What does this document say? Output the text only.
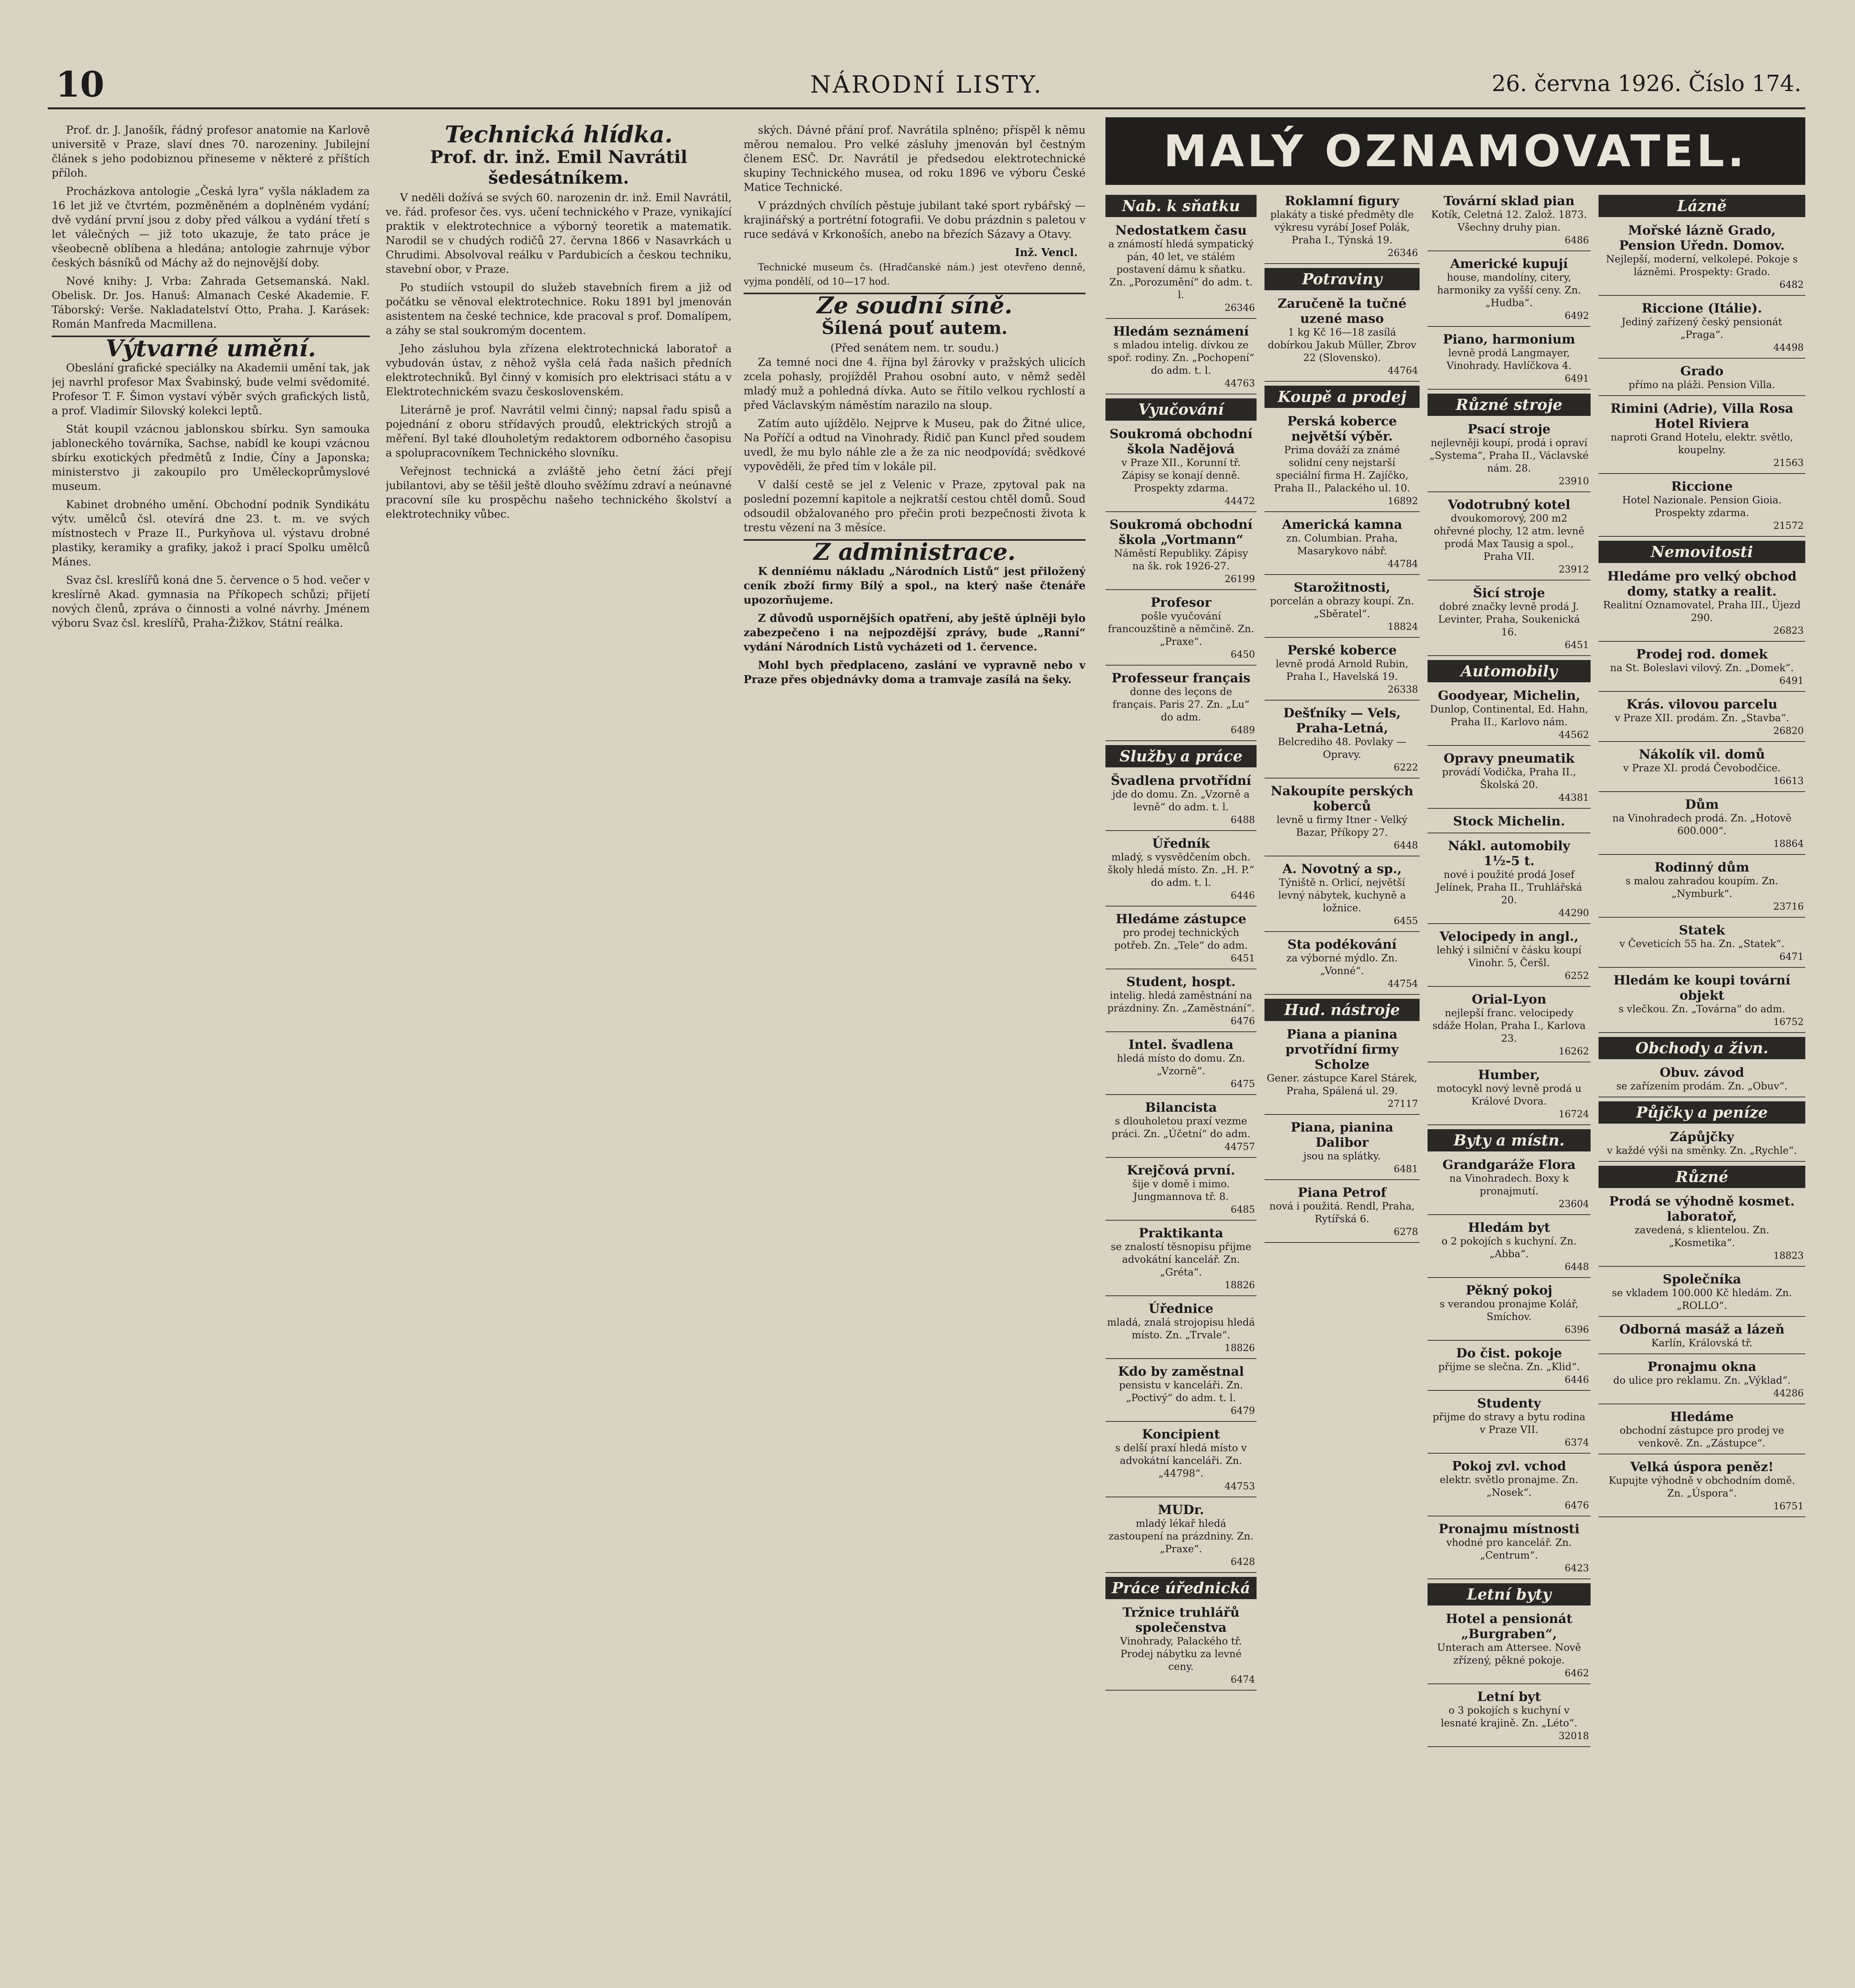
10	NÁRODNÍ LISTY.	26. června 1926. Číslo 174.

Prof. dr. J. Janošík, řádný profesor anatomie na Karlově universitě v Praze, slaví dnes 70. narozeniny. Jubilejní článek s jeho podobiznou přineseme v některé z příštích příloh.

Procházkova antologie „Česká lyra“ vyšla nákladem za 16 let již ve čtvrtém, pozměněném a doplněném vydání; dvě vydání první jsou z doby před válkou a vydání třetí s let válečných — již toto ukazuje, že tato práce je všeobecně oblíbena a hledána; antologie zahrnuje výbor českých básníků od Máchy až do nejnovější doby.

Nové knihy: J. Vrba: Zahrada Getsemanská. Nakl. Obelisk. Dr. Jos. Hanuš: Almanach Ceské Akademie. F. Táborský: Verše. Nakladatelství Otto, Praha. J. Karásek: Román Manfreda Macmillena.

Výtvarné umění.

Obeslání grafické speciálky na Akademii umění tak, jak jej navrhl profesor Max Švabinský, bude velmi svědomité. Profesor T. F. Šimon vystaví výběr svých grafických listů, a prof. Vladimír Silovský kolekci leptů.

Stát koupil vzácnou jablonskou sbírku. Syn samouka jabloneckého továrníka, Sachse, nabídl ke koupi vzácnou sbírku exotických předmětů z Indie, Číny a Japonska; ministerstvo ji zakoupilo pro Uměleckoprůmyslové museum.

Kabinet drobného umění. Obchodní podnik Syndikátu výtv. umělců čsl. otevírá dne 23. t. m. ve svých místnostech v Praze II., Purkyňova ul. výstavu drobné plastiky, keramiky a grafiky, jakož i prací Spolku umělců Mánes.

Svaz čsl. kreslířů koná dne 5. července o 5 hod. večer v kreslírně Akad. gymnasia na Příkopech schůzi; přijetí nových členů, zpráva o činnosti a volné návrhy. Jménem výboru Svaz čsl. kreslířů, Praha-Žižkov, Státní reálka.

Technická hlídka.
Prof. dr. inž. Emil Navrátil šedesátníkem.

V neděli dožívá se svých 60. narozenin dr. inž. Emil Navrátil, ve. řád. profesor čes. vys. učení technického v Praze, vynikající praktik v elektrotechnice a výborný teoretik a matematik. Narodil se v chudých rodičů 27. června 1866 v Nasavrkách u Chrudimi. Absolvoval reálku v Pardubicích a českou techniku, stavební obor, v Praze.

Po studiích vstoupil do služeb stavebních firem a již od počátku se věnoval elektrotechnice. Roku 1891 byl jmenován asistentem na české technice, kde pracoval s prof. Domalípem, a záhy se stal soukromým docentem.

Jeho zásluhou byla zřízena elektrotechnická laboratoř a vybudován ústav, z něhož vyšla celá řada našich předních elektrotechniků. Byl činný v komisích pro elektrisaci státu a v Elektrotechnickém svazu československém.

Literárně je prof. Navrátil velmi činný; napsal řadu spisů a pojednání z oboru střídavých proudů, elektrických strojů a měření. Byl také dlouholetým redaktorem odborného časopisu a spolupracovníkem Technického slovníku.

Veřejnost technická a zvláště jeho četní žáci přejí jubilantovi, aby se těšil ještě dlouho svěžímu zdraví a neúnavné pracovní síle ku prospěchu našeho technického školství a elektrotechniky vůbec.

ských. Dávné přání prof. Navrátila splněno; příspěl k němu měrou nemalou. Pro velké zásluhy jmenován byl čestným členem ESČ. Dr. Navrátil je předsedou elektrotechnické skupiny Technického musea, od roku 1896 ve výboru České Matice Technické.

V prázdných chvílích pěstuje jubilant také sport rybářský — krajinářský a portrétní fotografii. Ve dobu prázdnin s paletou v ruce sedává v Krkonoších, anebo na březích Sázavy a Otavy.

Inž. Vencl.

Technické museum čs. (Hradčanské nám.) jest otevřeno denně, vyjma pondělí, od 10—17 hod.

Ze soudní síně.
Šílená pouť autem.
(Před senátem nem. tr. soudu.)

Za temné noci dne 4. října byl žárovky v pražských ulicích zcela pohasly, projížděl Prahou osobní auto, v němž seděl mladý muž a pohledná dívka. Auto se řítilo velkou rychlostí a před Václavským náměstím narazilo na sloup.

Zatím auto ujíždělo. Nejprve k Museu, pak do Žitné ulice, Na Poříčí a odtud na Vinohrady. Řidič pan Kuncl před soudem uvedl, že mu bylo náhle zle a že za nic neodpovídá; svědkové vypověděli, že před tím v lokále pil.

V další cestě se jel z Velenic v Praze, zpytoval pak na poslední pozemní kapitole a nejkratší cestou chtěl domů. Soud odsoudil obžalovaného pro přečin proti bezpečnosti života k trestu vězení na 3 měsíce.

Z administrace.

K denníému nákladu „Národních Listů“ jest přiložený ceník zboží firmy Bílý a spol., na který naše čtenáře upozorňujeme.

Z důvodů uspornějších opatření, aby ještě úplněji bylo zabezpečeno i na nejpozdější zprávy, bude „Ranní“ vydání Národních Listů vycházeti od 1. července.

Mohl bych předplaceno, zaslání ve vypravně nebo v Praze přes objednávky doma a tramvaje zasílá na šeky.

MALÝ OZNAMOVATEL.
Nab. k sňatku
Nedostatkem času
a známostí hledá sympatický pán, 40 let, ve stálém postavení dámu k sňatku. Zn. „Porozumění“ do adm. t. l.
26346
Hledám seznámení
s mladou intelig. dívkou ze spoř. rodiny. Zn. „Pochopení“ do adm. t. l.
44763
Vyučování
Soukromá obchodní škola Nadějová
v Praze XII., Korunní tř. Zápisy se konají denně. Prospekty zdarma.
44472
Soukromá obchodní škola „Vortmann“
Náměstí Republiky. Zápisy na šk. rok 1926-27.
26199
Profesor
pošle vyučování francouzštině a němčině. Zn. „Praxe“.
6450
Professeur français
donne des leçons de français. Paris 27. Zn. „Lu“ do adm.
6489
Služby a práce
Švadlena prvotřídní
jde do domu. Zn. „Vzorně a levně“ do adm. t. l.
6488
Úředník
mladý, s vysvědčením obch. školy hledá místo. Zn. „H. P.“ do adm. t. l.
6446
Hledáme zástupce
pro prodej technických potřeb. Zn. „Tele“ do adm.
6451
Student, hospt.
intelig. hledá zaměstnání na prázdniny. Zn. „Zaměstnání“.
6476
Intel. švadlena
hledá místo do domu. Zn. „Vzorně“.
6475
Bilancista
s dlouholetou praxí vezme práci. Zn. „Účetní“ do adm.
44757
Krejčová první.
šije v domě i mimo. Jungmannova tř. 8.
6485
Praktikanta
se znalostí těsnopisu přijme advokátní kancelář. Zn. „Gréta“.
18826
Úřednice
mladá, znalá strojopisu hledá místo. Zn. „Trvale“.
18826
Kdo by zaměstnal
pensistu v kanceláři. Zn. „Poctivý“ do adm. t. l.
6479
Koncipient
s delší praxí hledá místo v advokátní kanceláři. Zn. „44798“.
44753
MUDr.
mladý lékař hledá zastoupení na prázdniny. Zn. „Praxe“.
6428
Práce úřednická
Tržnice truhlářů společenstva
Vinohrady, Palackého tř. Prodej nábytku za levné ceny.
6474
Roklamní figury
plakáty a tiské předměty dle výkresu vyrábí Josef Polák, Praha I., Týnská 19.
26346
Potraviny
Zaručeně la tučné uzené maso
1 kg Kč 16—18 zasílá dobírkou Jakub Müller, Zbrov 22 (Slovensko).
44764
Koupě a prodej
Perská koberce největší výběr.
Prima dováží za známé solidní ceny nejstarší speciální firma H. Zajíčko, Praha II., Palackého ul. 10.
16892
Americká kamna
zn. Columbian. Praha, Masarykovo nábř.
44784
Starožitnosti,
porcelán a obrazy koupí. Zn. „Sběratel“.
18824
Perské koberce
levně prodá Arnold Rubin, Praha I., Havelská 19.
26338
Dešťníky — Vels, Praha-Letná,
Belcrediho 48. Povlaky — Opravy.
6222
Nakoupíte perských koberců
levně u firmy Itner - Velký Bazar, Příkopy 27.
6448
A. Novotný a sp.,
Týniště n. Orlicí, největší levný nábytek, kuchyně a ložnice.
6455
Sta podékování
za výborné mýdlo. Zn. „Vonné“.
44754
Hud. nástroje
Piana a pianina prvotřídní firmy Scholze
Gener. zástupce Karel Stárek, Praha, Spálená ul. 29.
27117
Piana, pianina Dalibor
jsou na splátky.
6481
Piana Petrof
nová i použitá. Rendl, Praha, Rytířská 6.
6278
Tovární sklad pian
Kotík, Celetná 12. Založ. 1873. Všechny druhy pian.
6486
Americké kupují
house, mandolíny, citery, harmoniky za vyšší ceny. Zn. „Hudba“.
6492
Piano, harmonium
levně prodá Langmayer, Vinohrady. Havlíčkova 4.
6491
Různé stroje
Psací stroje
nejlevněji koupí, prodá i opraví „Systema“, Praha II., Václavské nám. 28.
23910
Vodotrubný kotel
dvoukomorový, 200 m2 ohřevné plochy, 12 atm. levně prodá Max Tausig a spol., Praha VII.
23912
Šicí stroje
dobré značky levně prodá J. Levinter, Praha, Soukenická 16.
6451
Automobily
Goodyear, Michelin,
Dunlop, Continental, Ed. Hahn, Praha II., Karlovo nám.
44562
Opravy pneumatik
provádí Vodička, Praha II., Školská 20.
44381
Stock Michelin.
Nákl. automobily 1½-5 t.
nové i použité prodá Josef Jelínek, Praha II., Truhlářská 20.
44290
Velocipedy in angl.,
lehký i silniční v čásku koupí Vinohr. 5, Čeršl.
6252
Orial-Lyon
nejlepší franc. velocipedy sdáže Holan, Praha I., Karlova 23.
16262
Humber,
motocykl nový levně prodá u Králové Dvora.
16724
Byty a místn.
Grandgaráže Flora
na Vinohradech. Boxy k pronajmutí.
23604
Hledám byt
o 2 pokojích s kuchyní. Zn. „Abba“.
6448
Pěkný pokoj
s verandou pronajme Kolář, Smíchov.
6396
Do čist. pokoje
přijme se slečna. Zn. „Klid“.
6446
Studenty
přijme do stravy a bytu rodina v Praze VII.
6374
Pokoj zvl. vchod
elektr. světlo pronajme. Zn. „Nosek“.
6476
Pronajmu místnosti
vhodné pro kancelář. Zn. „Centrum“.
6423
Letní byty
Hotel a pensionát „Burgraben“,
Unterach am Attersee. Nově zřízený, pěkné pokoje.
6462
Letní byt
o 3 pokojích s kuchyní v lesnaté krajině. Zn. „Léto“.
32018
Lázně
Mořské lázně Grado, Pension Uředn. Domov.
Nejlepší, moderní, velkolepé. Pokoje s lázněmi. Prospekty: Grado.
6482
Riccione (Itálie).
Jediný zařízený český pensionát „Praga“.
44498
Grado
přímo na pláži. Pension Villa.
Rimini (Adrie), Villa Rosa Hotel Riviera
naproti Grand Hotelu, elektr. světlo, koupelny.
21563
Riccione
Hotel Nazionale. Pension Gioia. Prospekty zdarma.
21572
Nemovitosti
Hledáme pro velký obchod domy, statky a realit.
Realitní Oznamovatel, Praha III., Újezd 290.
26823
Prodej rod. domek
na St. Boleslavi vilový. Zn. „Domek“.
6491
Krás. vilovou parcelu
v Praze XII. prodám. Zn. „Stavba“.
26820
Nákolík vil. domů
v Praze XI. prodá Čevobodčice.
16613
Dům
na Vinohradech prodá. Zn. „Hotově 600.000“.
18864
Rodinný dům
s malou zahradou koupím. Zn. „Nymburk“.
23716
Statek
v Čeveticích 55 ha. Zn. „Statek“.
6471
Hledám ke koupi tovární objekt
s vlečkou. Zn. „Továrna“ do adm.
16752
Obchody a živn.
Obuv. závod
se zařízením prodám. Zn. „Obuv“.
Půjčky a peníze
Zápůjčky
v každé výši na směnky. Zn. „Rychle“.
Různé
Prodá se výhodně kosmet. laboratoř,
zavedená, s klientelou. Zn. „Kosmetika“.
18823
Společníka
se vkladem 100.000 Kč hledám. Zn. „ROLLO“.
Odborná masáž a lázeň
Karlín, Královská tř.
Pronajmu okna
do ulice pro reklamu. Zn. „Výklad“.
44286
Hledáme
obchodní zástupce pro prodej ve venkově. Zn. „Zástupce“.
Velká úspora peněz!
Kupujte výhodně v obchodním domě. Zn. „Úspora“.
16751
